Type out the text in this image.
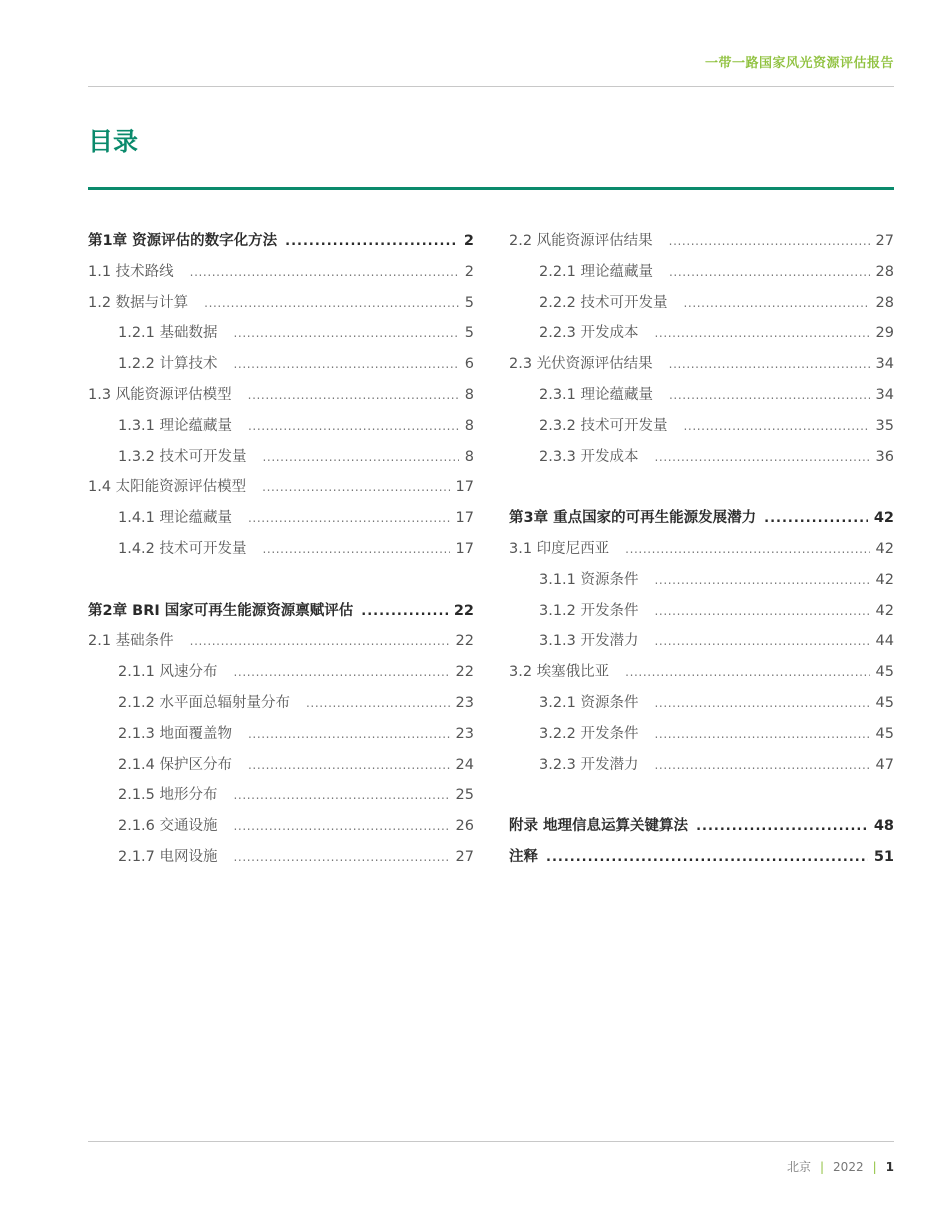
一带一路国家风光资源评估报告
目录
第1章 资源评估的数字化方法 .....	2
1.1 技术路线 .....	2
1.2 数据与计算 .....	5
1.2.1 基础数据 .....	5
1.2.2 计算技术 .....	6
1.3 风能资源评估模型 .....	8
1.3.1 理论蕴藏量 .....	8
1.3.2 技术可开发量 .....	8
1.4 太阳能资源评估模型 .....	17
1.4.1 理论蕴藏量 .....	17
1.4.2 技术可开发量 .....	17
第2章 BRI 国家可再生能源资源禀赋评估 .....	22
2.1 基础条件 .....	22
2.1.1 风速分布 .....	22
2.1.2 水平面总辐射量分布 .....	23
2.1.3 地面覆盖物 .....	23
2.1.4 保护区分布 .....	24
2.1.5 地形分布 .....	25
2.1.6 交通设施 .....	26
2.1.7 电网设施 .....	27
2.2 风能资源评估结果 .....	27
2.2.1 理论蕴藏量 .....	28
2.2.2 技术可开发量 .....	28
2.2.3 开发成本 .....	29
2.3 光伏资源评估结果 .....	34
2.3.1 理论蕴藏量 .....	34
2.3.2 技术可开发量 .....	35
2.3.3 开发成本 .....	36
第3章 重点国家的可再生能源发展潜力 .....	42
3.1 印度尼西亚 .....	42
3.1.1 资源条件 .....	42
3.1.2 开发条件 .....	42
3.1.3 开发潜力 .....	44
3.2 埃塞俄比亚 .....	45
3.2.1 资源条件 .....	45
3.2.2 开发条件 .....	45
3.2.3 开发潜力 .....	47
附录 地理信息运算关键算法 .....	48
注释 .....	51
北京 | 2022 | 1
